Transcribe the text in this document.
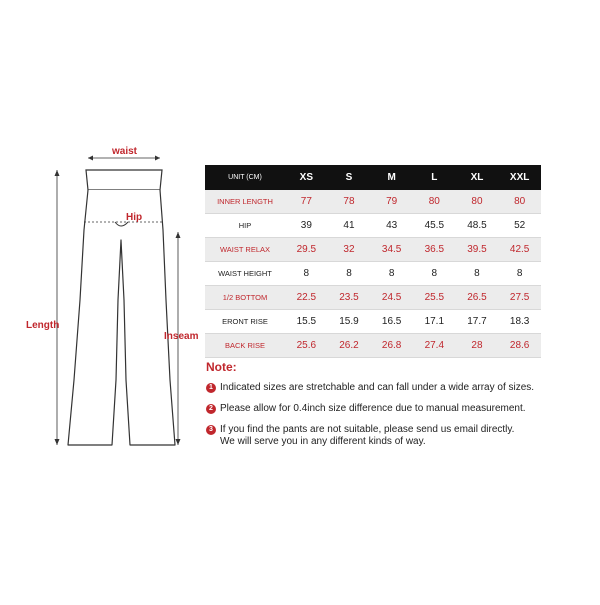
waist
Hip
Length
Inseam
UNIT (CM)	XS	S	M	L	XL	XXL
INNER LENGTH	77	78	79	80	80	80
HIP	39	41	43	45.5	48.5	52
WAIST RELAX	29.5	32	34.5	36.5	39.5	42.5
WAIST HEIGHT	8	8	8	8	8	8
1/2 BOTTOM	22.5	23.5	24.5	25.5	26.5	27.5
ERONT RISE	15.5	15.9	16.5	17.1	17.7	18.3
BACK RISE	25.6	26.2	26.8	27.4	28	28.6
Note:
1 Indicated sizes are stretchable and can fall under a wide array of sizes.
2 Please allow for 0.4inch size difference due to manual measurement.
3 If you find the pants are not suitable, please send us email directly.
We will serve you in any different kinds of way.
